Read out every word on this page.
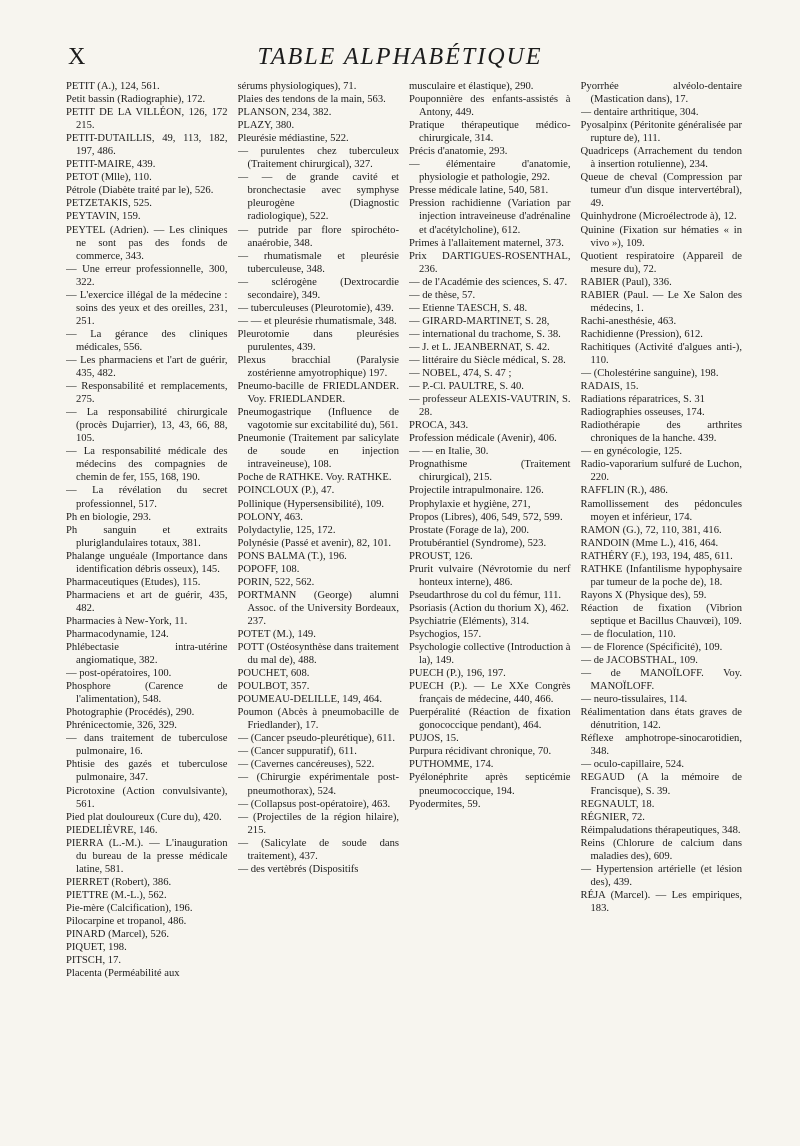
X	TABLE ALPHABÉTIQUE
PETIT (A.), 124, 561.
Petit bassin (Radiographie), 172.
PETIT DE LA VILLÉON, 126, 172 215.
PETIT-DUTAILLIS, 49, 113, 182, 197, 486.
PETIT-MAIRE, 439.
PETOT (Mlle), 110.
Pétrole (Diabète traité par le), 526.
PETZETAKIS, 525.
PEYTAVIN, 159.
PEYTEL (Adrien). — Les cliniques ne sont pas des fonds de commerce, 343.
— Une erreur professionnelle, 300, 322.
— L'exercice illégal de la médecine : soins des yeux et des oreilles, 231, 251.
— La gérance des cliniques médicales, 556.
— Les pharmaciens et l'art de guérir, 435, 482.
— Responsabilité et remplacements, 275.
— La responsabilité chirurgicale (procès Dujarrier), 13, 43, 66, 88, 105.
— La responsabilité médicale des médecins des compagnies de chemin de fer, 155, 168, 190.
— La révélation du secret professionnel, 517.
Ph en biologie, 293.
Ph sanguin et extraits pluriglandulaires totaux, 381.
Phalange unguéale (Importance dans identification débris osseux), 145.
Pharmaceutiques (Etudes), 115.
Pharmaciens et art de guérir, 435, 482.
Pharmacies à New-York, 11.
Pharmacodynamie, 124.
Phlébectasie intra-utérine angiomatique, 382.
— post-opératoires, 100.
Phosphore (Carence de l'alimentation), 548.
Photographie (Procédés), 290.
Phrénicectomie, 326, 329.
— dans traitement de tuberculose pulmonaire, 16.
Phtisie des gazés et tuberculose pulmonaire, 347.
Picrotoxine (Action convulsivante), 561.
Pied plat douloureux (Cure du), 420.
PIEDELIÈVRE, 146.
PIERRA (L.-M.). — L'inauguration du bureau de la presse médicale latine, 581.
PIERRET (Robert), 386.
PIETTRE (M.-L.), 562.
Pie-mère (Calcification), 196.
Pilocarpine et tropanol, 486.
PINARD (Marcel), 526.
PIQUET, 198.
PITSCH, 17.
Placenta (Perméabilité aux
sérums physiologiques), 71.
Plaies des tendons de la main, 563.
PLANSON, 234, 382.
PLAZY, 380.
Pleurésie médiastine, 522.
— purulentes chez tuberculeux (Traitement chirurgical), 327.
— — de grande cavité et bronchectasie avec symphyse pleurogène (Diagnostic radiologique), 522.
— putride par flore spirochéto-anaérobie, 348.
— rhumatismale et pleurésie tuberculeuse, 348.
— sclérogène (Dextrocardie secondaire), 349.
— tuberculeuses (Pleurotomie), 439.
— — et pleurésie rhumatismale, 348.
Pleurotomie dans pleurésies purulentes, 439.
Plexus bracchial (Paralysie zostérienne amyotrophique) 197.
Pneumo-bacille de FRIEDLANDER. Voy. FRIEDLANDER.
Pneumogastrique (Influence de vagotomie sur excitabilité du), 561.
Pneumonie (Traitement par salicylate de soude en injection intraveineuse), 108.
Poche de RATHKE. Voy. RATHKE.
POINCLOUX (P.), 47.
Pollinique (Hypersensibilité), 109.
POLONY, 463.
Polydactylie, 125, 172.
Polynésie (Passé et avenir), 82, 101.
PONS BALMA (T.), 196.
POPOFF, 108.
PORIN, 522, 562.
PORTMANN (George) alumni Assoc. of the University Bordeaux, 237.
POTET (M.), 149.
POTT (Ostéosynthèse dans traitement du mal de), 488.
POUCHET, 608.
POULBOT, 357.
POUMEAU-DELILLE, 149, 464.
Poumon (Abcès à pneumobacille de Friedlander), 17.
— (Cancer pseudo-pleurétique), 611.
— (Cancer suppuratif), 611.
— (Cavernes cancéreuses), 522.
— (Chirurgie expérimentale post-pneumothorax), 524.
— (Collapsus post-opératoire), 463.
— (Projectiles de la région hilaire), 215.
— (Salicylate de soude dans traitement), 437.
— des vertèbrés (Dispositifs
musculaire et élastique), 290.
Pouponnière des enfants-assistés à Antony, 449.
Pratique thérapeutique médico-chirurgicale, 314.
Précis d'anatomie, 293.
— élémentaire d'anatomie, physiologie et pathologie, 292.
Presse médicale latine, 540, 581.
Pression rachidienne (Variation par injection intraveineuse d'adrénaline et d'acétylcholine), 612.
Primes à l'allaitement maternel, 373.
Prix DARTIGUES-ROSENTHAL, 236.
— de l'Académie des sciences, S. 47.
— de thèse, 57.
— Etienne TAESCH, S. 48.
— GIRARD-MARTINET, S. 28,
— international du trachome, S. 38.
— J. et L. JEANBERNAT, S. 42.
— littéraire du Siècle médical, S. 28.
— NOBEL, 474, S. 47 ;
— P.-Cl. PAULTRE, S. 40.
— professeur ALEXIS-VAUTRIN, S. 28.
PROCA, 343.
Profession médicale (Avenir), 406.
— — en Italie, 30.
Prognathisme (Traitement chirurgical), 215.
Projectile intrapulmonaire. 126.
Prophylaxie et hygiène, 271,
Propos (Libres), 406, 549, 572, 599.
Prostate (Forage de la), 200.
Protubérantiel (Syndrome), 523.
PROUST, 126.
Prurit vulvaire (Névrotomie du nerf honteux interne), 486.
Pseudarthrose du col du fémur, 111.
Psoriasis (Action du thorium X), 462.
Psychiatrie (Eléments), 314.
Psychogios, 157.
Psychologie collective (Introduction à la), 149.
PUECH (P.), 196, 197.
PUECH (P.). — Le XXe Congrès français de médecine, 440, 466.
Puerpéralité (Réaction de fixation gonococcique pendant), 464.
PUJOS, 15.
Purpura récidivant chronique, 70.
PUTHOMME, 174.
Pyélonéphrite après septicémie pneumococcique, 194.
Pyodermites, 59.
Pyorrhée alvéolo-dentaire (Mastication dans), 17.
— dentaire arthritique, 304.
Pyosalpinx (Péritonite généralisée par rupture de), 111.
Quadriceps (Arrachement du tendon à insertion rotulienne), 234.
Queue de cheval (Compression par tumeur d'un disque intervertébral), 49.
Quinhydrone (Microélectrode à), 12.
Quinine (Fixation sur hématies « in vivo »), 109.
Quotient respiratoire (Appareil de mesure du), 72.
RABIER (Paul), 336.
RABIER (Paul. — Le Xe Salon des médecins, 1.
Rachi-anesthésie, 463.
Rachidienne (Pression), 612.
Rachitiques (Activité d'algues anti-), 110.
— (Cholestérine sanguine), 198.
RADAIS, 15.
Radiations réparatrices, S. 31
Radiographies osseuses, 174.
Radiothérapie des arthrites chroniques de la hanche. 439.
— en gynécologie, 125.
Radio-vaporarium sulfuré de Luchon, 220.
RAFFLIN (R.), 486.
Ramollissement des pédoncules moyen et inférieur, 174.
RAMON (G.), 72, 110, 381, 416.
RANDOIN (Mme L.), 416, 464.
RATHÉRY (F.), 193, 194, 485, 611.
RATHKE (Infantilisme hypophysaire par tumeur de la poche de), 18.
Rayons X (Physique des), 59.
Réaction de fixation (Vibrion septique et Bacillus Chauvœi), 109.
— de floculation, 110.
— de Florence (Spécificité), 109.
— de JACOBSTHAL, 109.
— de MANOÏLOFF. Voy. MANOÏLOFF.
— neuro-tissulaires, 114.
Réalimentation dans états graves de dénutrition, 142.
Réflexe amphotrope-sinocarotidien, 348.
— oculo-capillaire, 524.
REGAUD (A la mémoire de Francisque), S. 39.
REGNAULT, 18.
RÉGNIER, 72.
Réimpaludations thérapeutiques, 348.
Reins (Chlorure de calcium dans maladies des), 609.
— Hypertension artérielle (et lésion des), 439.
RÉJA (Marcel). — Les empiriques, 183.
